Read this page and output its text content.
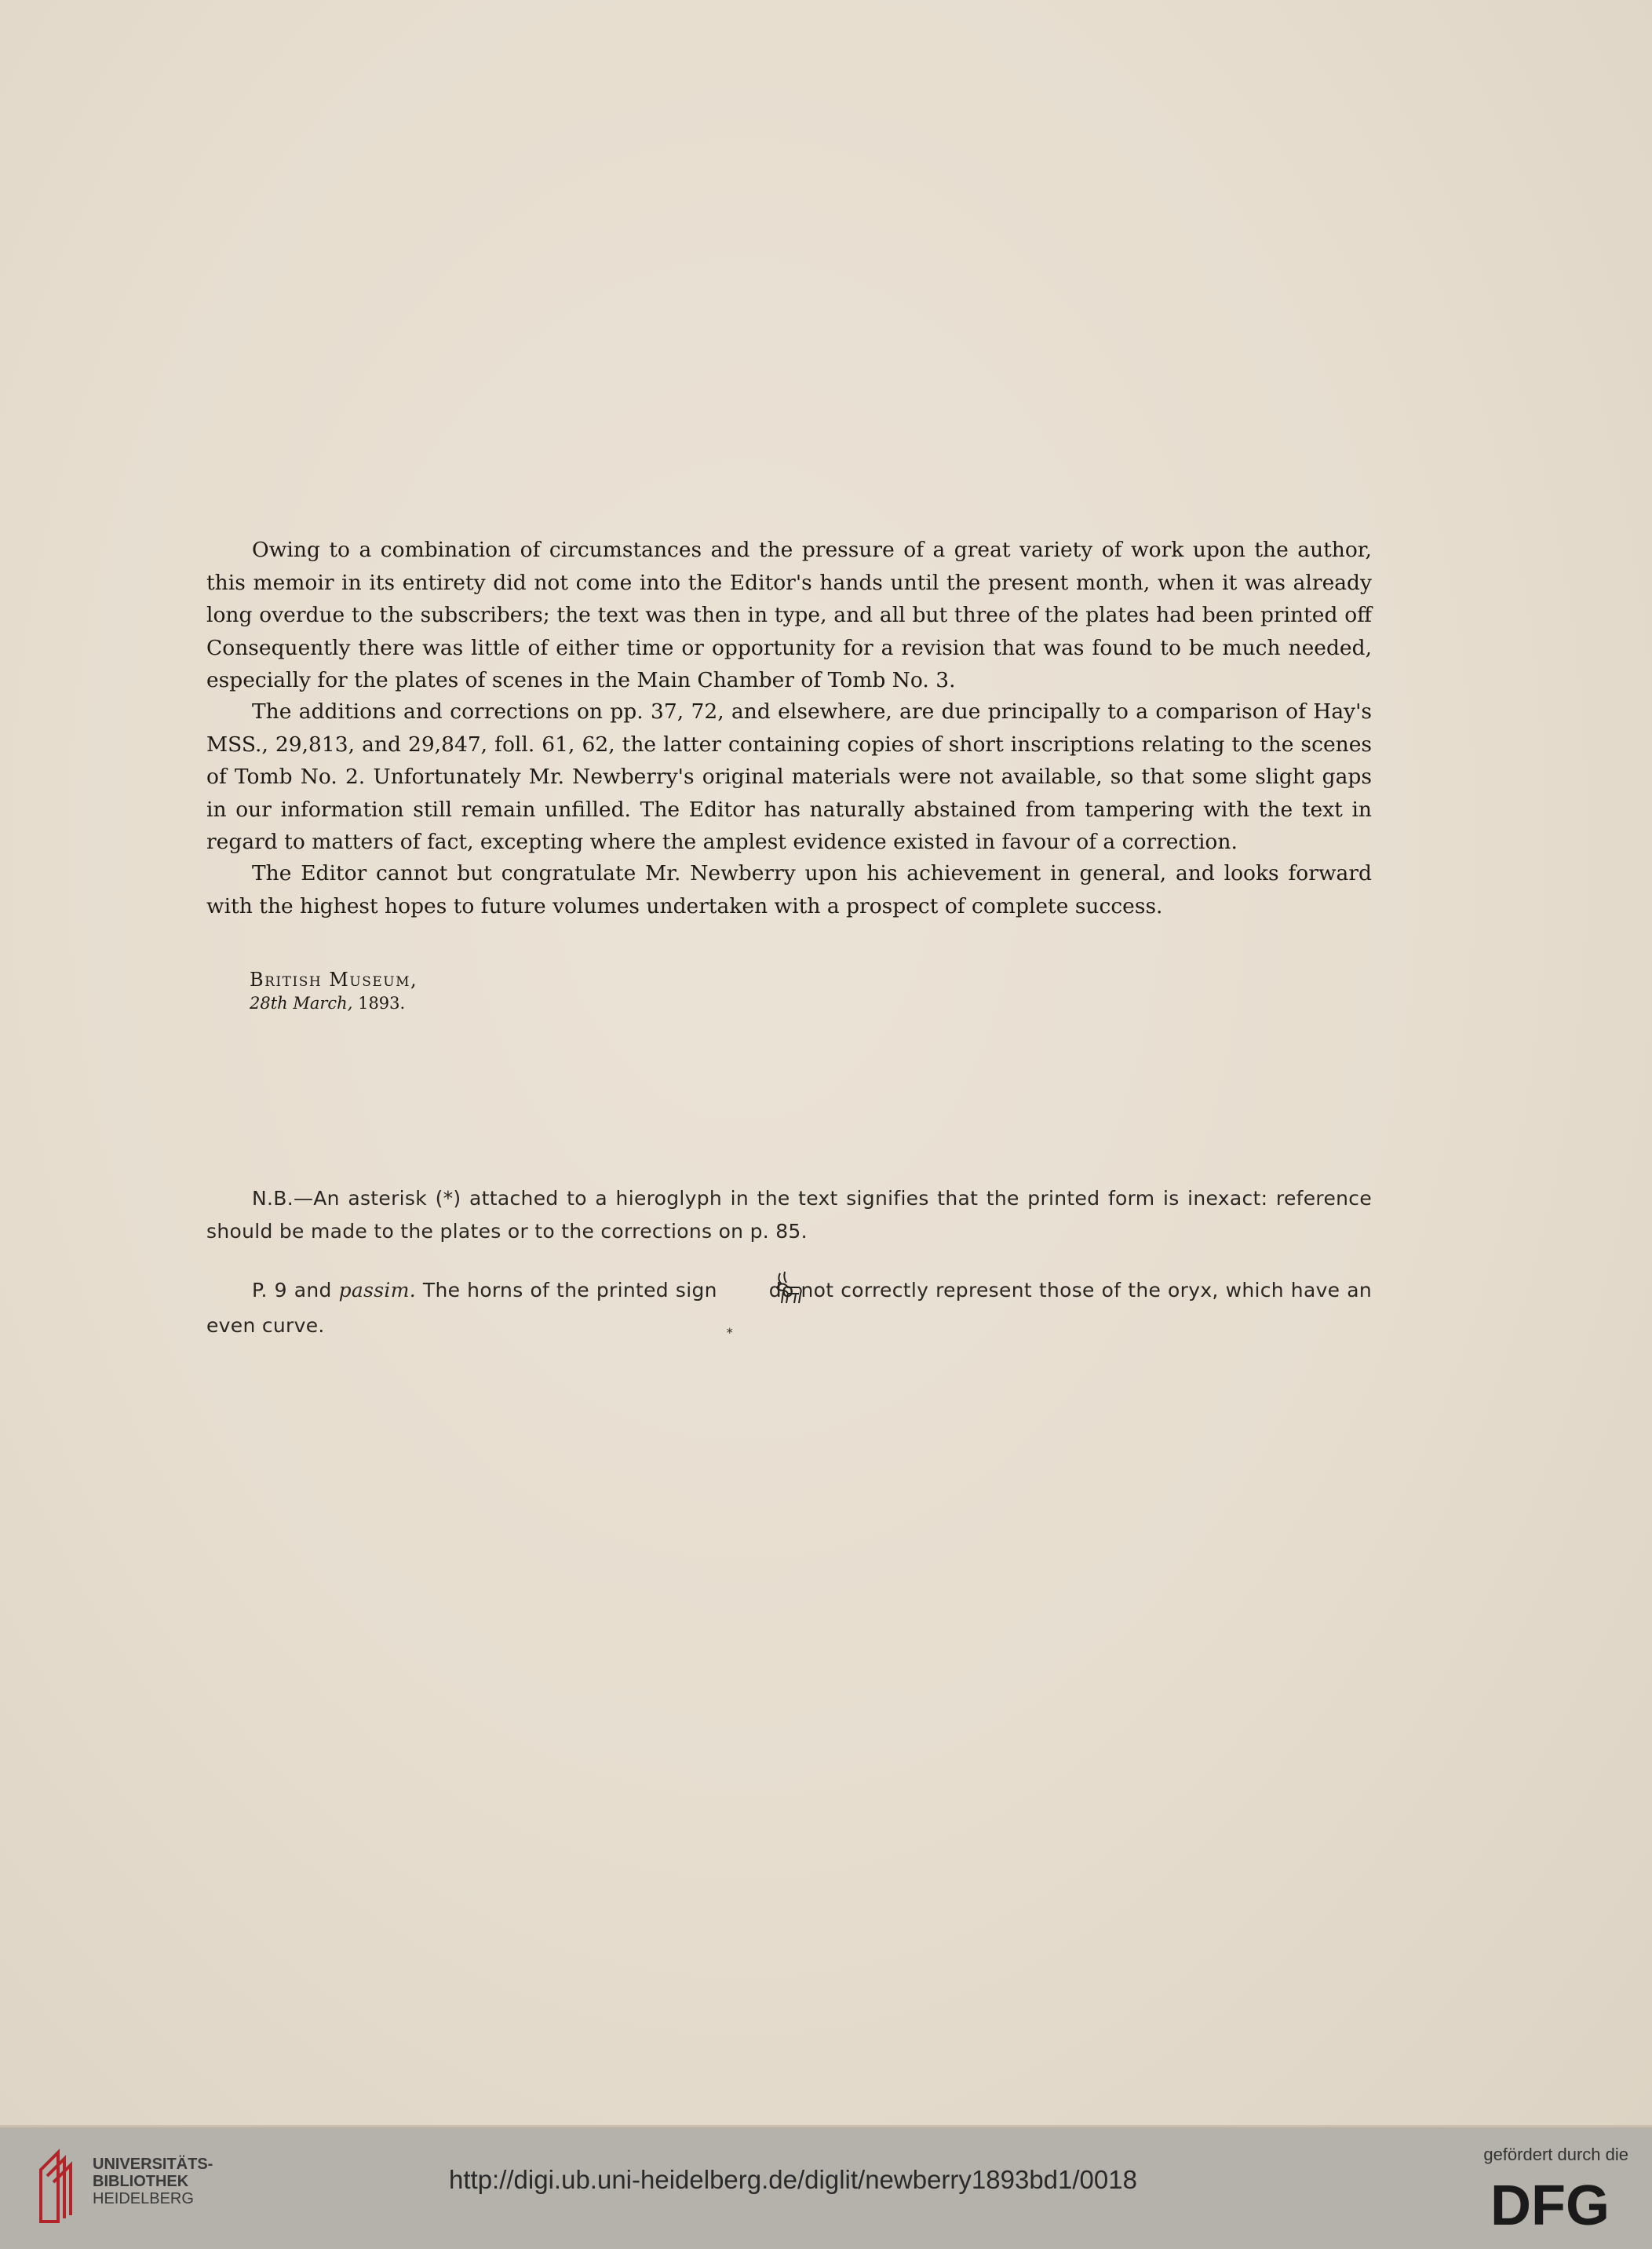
Owing to a combination of circumstances and the pressure of a great variety of work upon the author, this memoir in its entirety did not come into the Editor's hands until the present month, when it was already long overdue to the subscribers; the text was then in type, and all but three of the plates had been printed off Consequently there was little of either time or opportunity for a revision that was found to be much needed, especially for the plates of scenes in the Main Chamber of Tomb No. 3.

The additions and corrections on pp. 37, 72, and elsewhere, are due principally to a comparison of Hay's MSS., 29,813, and 29,847, foll. 61, 62, the latter containing copies of short inscriptions relating to the scenes of Tomb No. 2. Unfortunately Mr. Newberry's original materials were not available, so that some slight gaps in our information still remain unfilled. The Editor has naturally abstained from tampering with the text in regard to matters of fact, excepting where the amplest evidence existed in favour of a correction.

The Editor cannot but congratulate Mr. Newberry upon his achievement in general, and looks forward with the highest hopes to future volumes undertaken with a prospect of complete success.

British Museum,
28th March, 1893.

N.B.—An asterisk (*) attached to a hieroglyph in the text signifies that the printed form is inexact: reference should be made to the plates or to the corrections on p. 85.

P. 9 and passim. The horns of the printed sign*do not correctly represent those of the oryx, which have an even curve.

UNIVERSITÄTS-
BIBLIOTHEK
HEIDELBERG
http://digi.ub.uni-heidelberg.de/diglit/newberry1893bd1/0018
gefördert durch die
DFG
